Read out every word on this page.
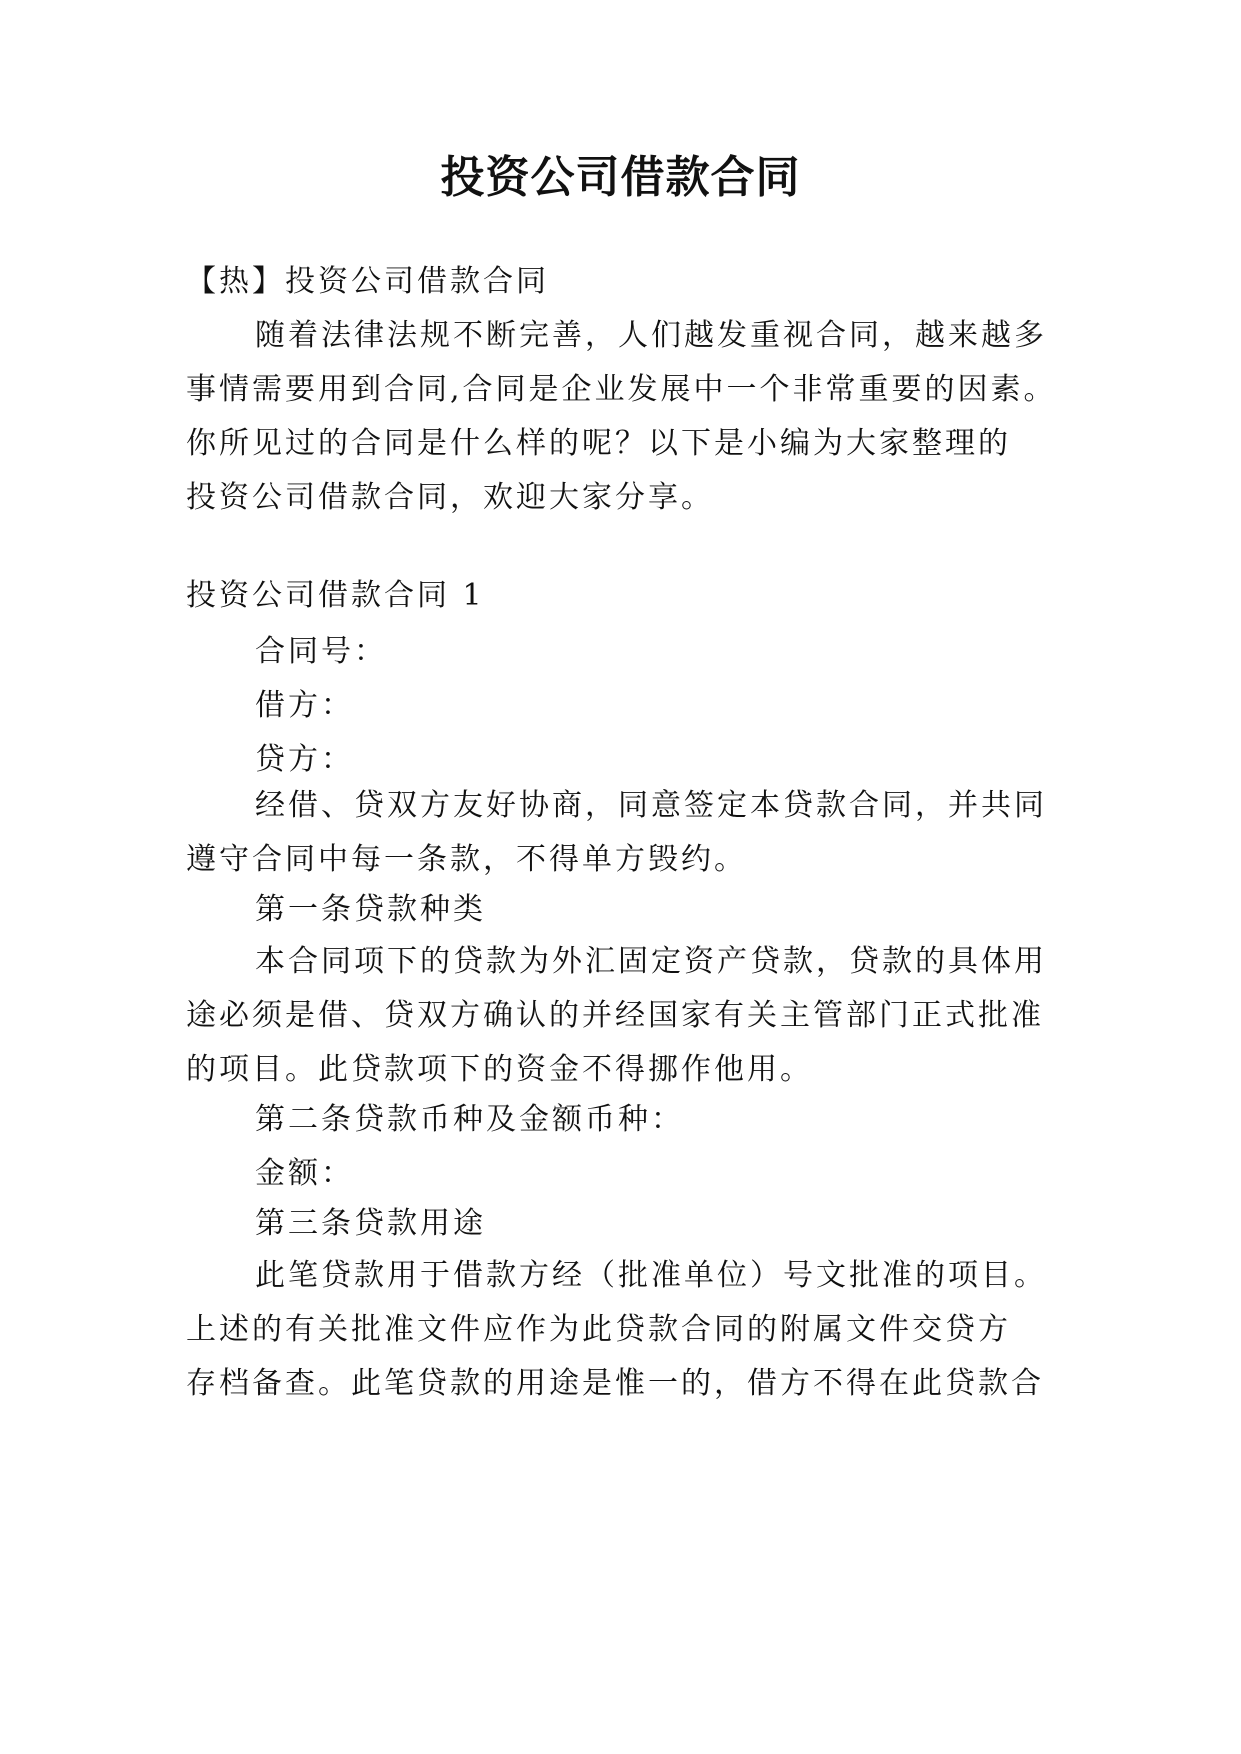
投资公司借款合同
【热】投资公司借款合同
随着法律法规不断完善，人们越发重视合同，越来越多
事情需要用到合同,合同是企业发展中一个非常重要的因素。
你所见过的合同是什么样的呢？以下是小编为大家整理的
投资公司借款合同，欢迎大家分享。
投资公司借款合同 1
合同号：
借方：
贷方：
经借、贷双方友好协商，同意签定本贷款合同，并共同
遵守合同中每一条款，不得单方毁约。
第一条贷款种类
本合同项下的贷款为外汇固定资产贷款，贷款的具体用
途必须是借、贷双方确认的并经国家有关主管部门正式批准
的项目。此贷款项下的资金不得挪作他用。
第二条贷款币种及金额币种：
金额：
第三条贷款用途
此笔贷款用于借款方经（批准单位）号文批准的项目。
上述的有关批准文件应作为此贷款合同的附属文件交贷方
存档备查。此笔贷款的用途是惟一的，借方不得在此贷款合
